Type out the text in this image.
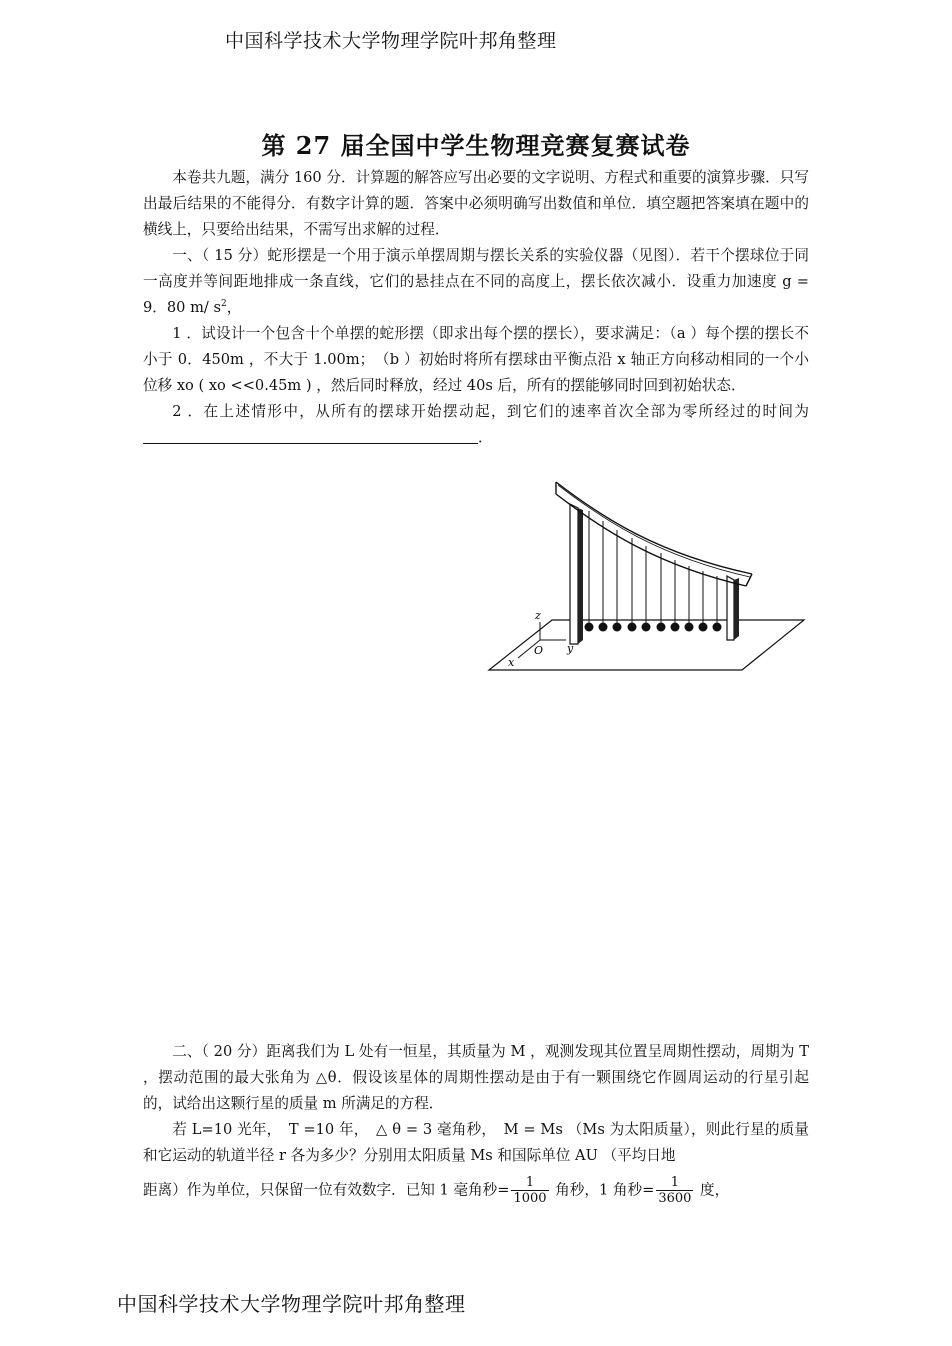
中国科学技术大学物理学院叶邦角整理
第 27 届全国中学生物理竞赛复赛试卷

本卷共九题，满分 160 分．计算题的解答应写出必要的文字说明、方程式和重要的演算步骤．只写出最后结果的不能得分．有数字计算的题．答案中必须明确写出数值和单位．填空题把答案填在题中的横线上，只要给出结果，不需写出求解的过程．

一、（ 15 分）蛇形摆是一个用于演示单摆周期与摆长关系的实验仪器（见图）．若干个摆球位于同一高度并等间距地排成一条直线，它们的悬挂点在不同的高度上，摆长依次减小．设重力加速度 g = 9．80 m/ $s^2$，

1 ．试设计一个包含十个单摆的蛇形摆（即求出每个摆的摆长），要求满足：（a ）每个摆的摆长不小于 0．450m ，不大于 1.00m；　（b ）初始时将所有摆球由平衡点沿 x 轴正方向移动相同的一个小位移 xo ( xo <<0.45m ) ，然后同时释放，经过 40s 后，所有的摆能够同时回到初始状态．

2 ．在上述情形中，从所有的摆球开始摆动起，到它们的速率首次全部为零所经过的时间为．

z
O y
x

二、（ 20 分）距离我们为 L 处有一恒星，其质量为 M ，观测发现其位置呈周期性摆动，周期为 T ，摆动范围的最大张角为 △θ．假设该星体的周期性摆动是由于有一颗围绕它作圆周运动的行星引起的，试给出这颗行星的质量 m 所满足的方程．

若 L=10 光年，　T =10 年，　△ θ = 3 毫角秒，　M = Ms （Ms 为太阳质量），则此行星的质量和它运动的轨道半径 r 各为多少？分别用太阳质量 Ms 和国际单位 AU （平均日地

距离）作为单位，只保留一位有效数字．已知 1 毫角秒= $\frac{1}{1000}$ 角秒，1 角秒= $\frac{1}{3600}$ 度，

中国科学技术大学物理学院叶邦角整理
